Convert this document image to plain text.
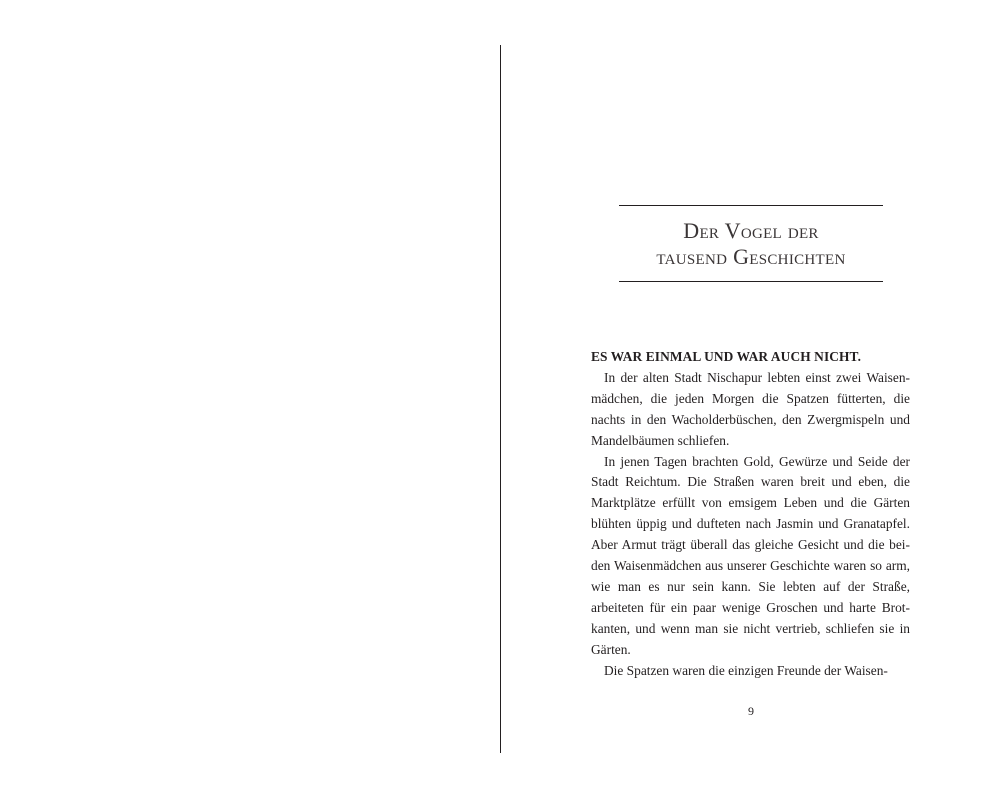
Der Vogel der
tausend Geschichten
ES WAR EINMAL UND WAR AUCH NICHT.
In der alten Stadt Nischapur lebten einst zwei Waisenmädchen, die jeden Morgen die Spatzen fütterten, die nachts in den Wacholderbüschen, den Zwergmispeln und Mandelbäumen schliefen.
In jenen Tagen brachten Gold, Gewürze und Seide der Stadt Reichtum. Die Straßen waren breit und eben, die Marktplätze erfüllt von emsigem Leben und die Gärten blühten üppig und dufteten nach Jasmin und Granatapfel. Aber Armut trägt überall das gleiche Gesicht und die beiden Waisenmädchen aus unserer Geschichte waren so arm, wie man es nur sein kann. Sie lebten auf der Straße, arbeiteten für ein paar wenige Groschen und harte Brotkanten, und wenn man sie nicht vertrieb, schliefen sie in Gärten.
Die Spatzen waren die einzigen Freunde der Waisen-
9
